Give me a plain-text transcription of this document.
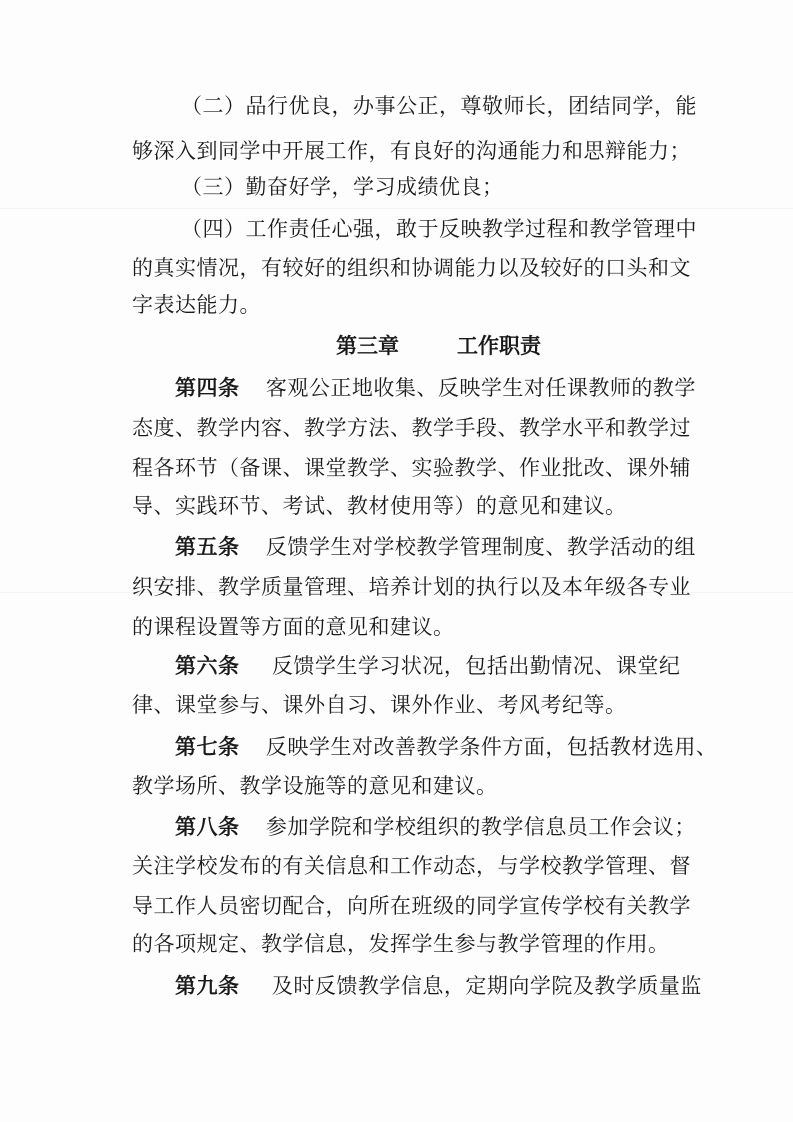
（二）品行优良，办事公正，尊敬师长，团结同学，能
够深入到同学中开展工作，有良好的沟通能力和思辩能力；
（三）勤奋好学，学习成绩优良；
（四）工作责任心强，敢于反映教学过程和教学管理中
的真实情况，有较好的组织和协调能力以及较好的口头和文
字表达能力。
第三章	工作职责
第四条 客观公正地收集、反映学生对任课教师的教学
态度、教学内容、教学方法、教学手段、教学水平和教学过
程各环节（备课、课堂教学、实验教学、作业批改、课外辅
导、实践环节、考试、教材使用等）的意见和建议。
第五条 反馈学生对学校教学管理制度、教学活动的组
织安排、教学质量管理、培养计划的执行以及本年级各专业
的课程设置等方面的意见和建议。
第六条 反馈学生学习状况，包括出勤情况、课堂纪
律、课堂参与、课外自习、课外作业、考风考纪等。
第七条 反映学生对改善教学条件方面，包括教材选用、
教学场所、教学设施等的意见和建议。
第八条 参加学院和学校组织的教学信息员工作会议；
关注学校发布的有关信息和工作动态，与学校教学管理、督
导工作人员密切配合，向所在班级的同学宣传学校有关教学
的各项规定、教学信息，发挥学生参与教学管理的作用。
第九条 及时反馈教学信息，定期向学院及教学质量监
